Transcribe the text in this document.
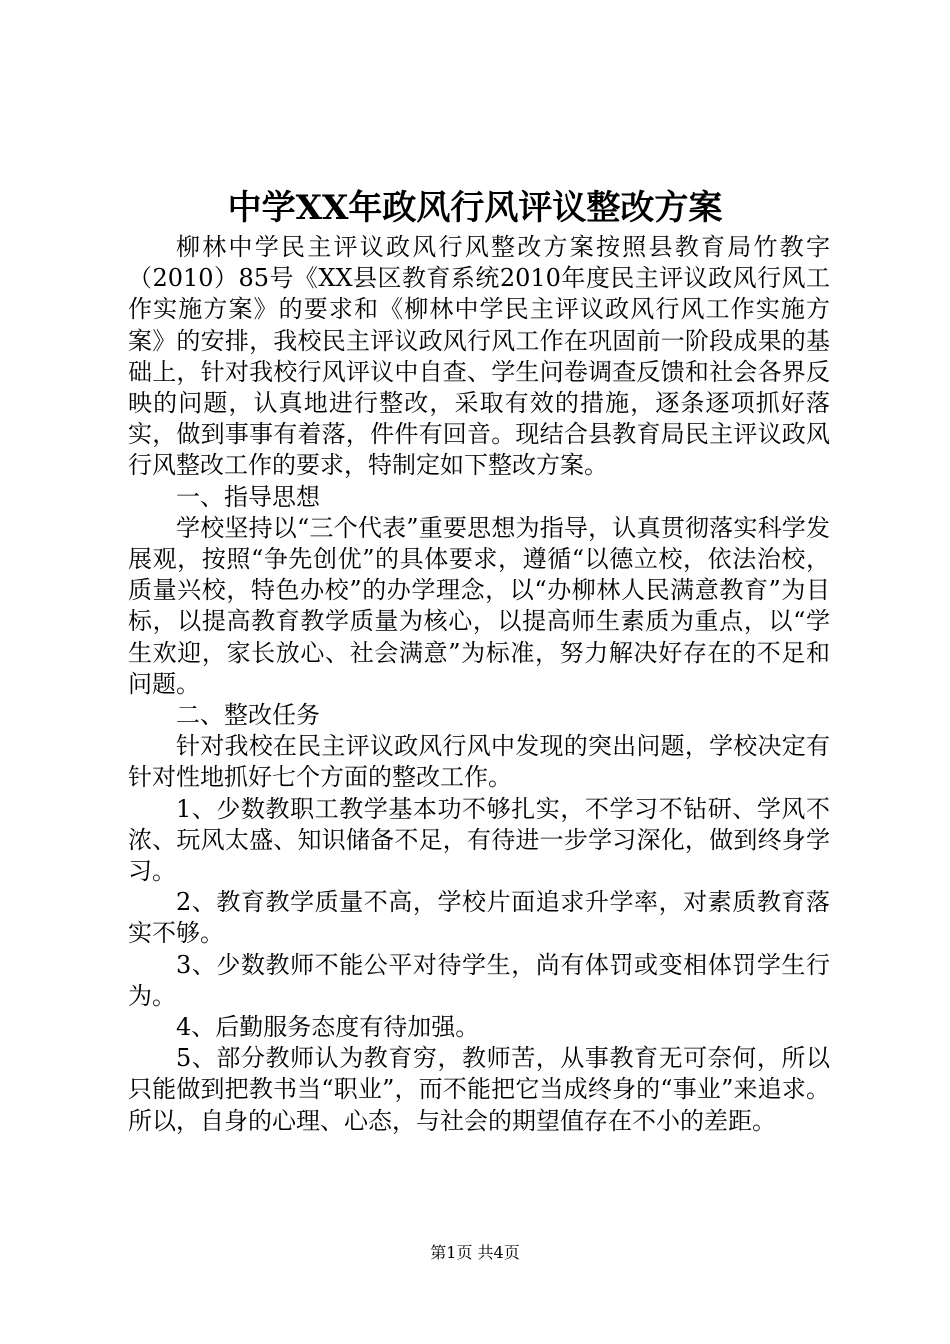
中学XX年政风行风评议整改方案

柳林中学民主评议政风行风整改方案按照县教育局竹教字（2010）85号《XX县区教育系统2010年度民主评议政风行风工作实施方案》的要求和《柳林中学民主评议政风行风工作实施方案》的安排，我校民主评议政风行风工作在巩固前一阶段成果的基础上，针对我校行风评议中自查、学生问卷调查反馈和社会各界反映的问题，认真地进行整改，采取有效的措施，逐条逐项抓好落实，做到事事有着落，件件有回音。现结合县教育局民主评议政风行风整改工作的要求，特制定如下整改方案。

一、指导思想

学校坚持以“三个代表”重要思想为指导，认真贯彻落实科学发展观，按照“争先创优”的具体要求，遵循“以德立校，依法治校，质量兴校，特色办校”的办学理念，以“办柳林人民满意教育”为目标，以提高教育教学质量为核心，以提高师生素质为重点，以“学生欢迎，家长放心、社会满意”为标准，努力解决好存在的不足和问题。

二、整改任务

针对我校在民主评议政风行风中发现的突出问题，学校决定有针对性地抓好七个方面的整改工作。

1、少数教职工教学基本功不够扎实，不学习不钻研、学风不浓、玩风太盛、知识储备不足，有待进一步学习深化，做到终身学习。

2、教育教学质量不高，学校片面追求升学率，对素质教育落实不够。

3、少数教师不能公平对待学生，尚有体罚或变相体罚学生行为。

4、后勤服务态度有待加强。

5、部分教师认为教育穷，教师苦，从事教育无可奈何，所以只能做到把教书当“职业”，而不能把它当成终身的“事业”来追求。所以，自身的心理、心态，与社会的期望值存在不小的差距。

第1页 共4页
